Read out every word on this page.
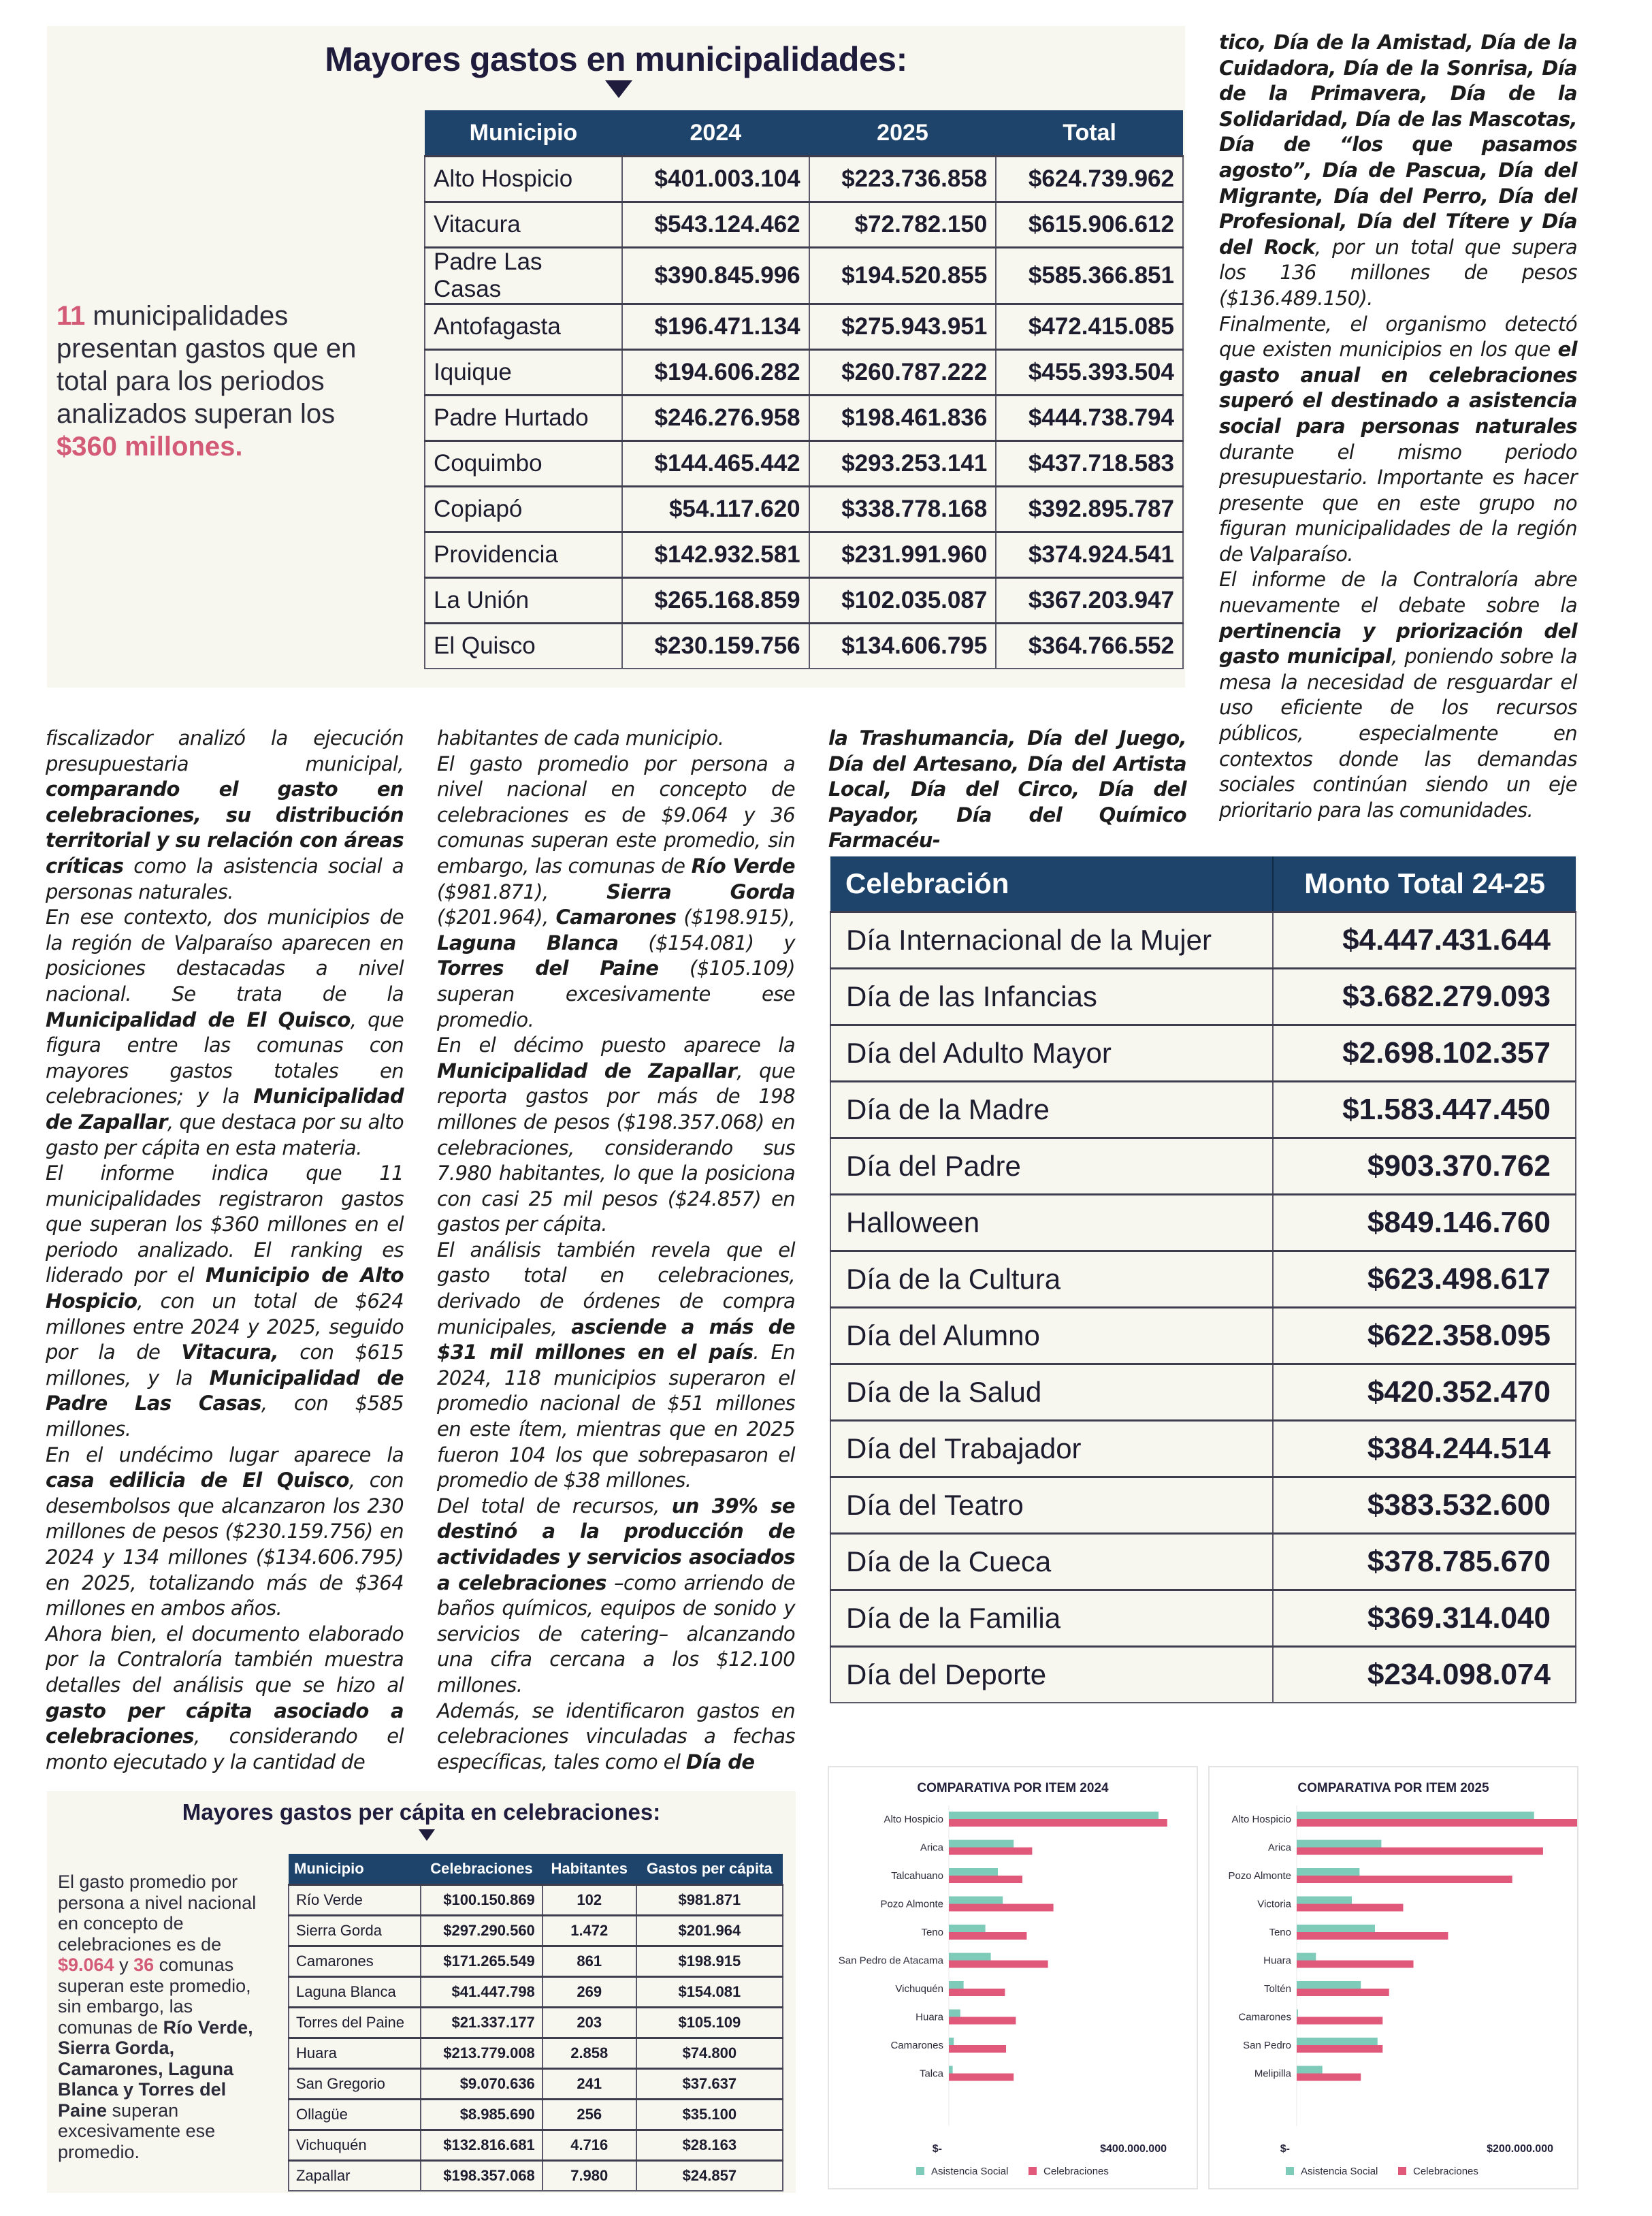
Mayores gastos en municipalidades:
11 municipalidades presentan gastos que en total para los periodos analizados superan los $360 millones.
Municipio	2024	2025	Total
Alto Hospicio	$401.003.104	$223.736.858	$624.739.962
Vitacura	$543.124.462	$72.782.150	$615.906.612
Padre Las Casas	$390.845.996	$194.520.855	$585.366.851
Antofagasta	$196.471.134	$275.943.951	$472.415.085
Iquique	$194.606.282	$260.787.222	$455.393.504
Padre Hurtado	$246.276.958	$198.461.836	$444.738.794
Coquimbo	$144.465.442	$293.253.141	$437.718.583
Copiapó	$54.117.620	$338.778.168	$392.895.787
Providencia	$142.932.581	$231.991.960	$374.924.541
La Unión	$265.168.859	$102.035.087	$367.203.947
El Quisco	$230.159.756	$134.606.795	$364.766.552

tico, Día de la Amistad, Día de la Cuidadora, Día de la Sonrisa, Día de la Primavera, Día de la Solidaridad, Día de las Mascotas, Día de “los que pasamos agosto”, Día de Pascua, Día del Migrante, Día del Perro, Día del Profesional, Día del Títere y Día del Rock, por un total que supera los 136 millones de pesos ($136.489.150).

Finalmente, el organismo detectó que existen municipios en los que el gasto anual en celebraciones superó el destinado a asistencia social para personas naturales durante el mismo periodo presupuestario. Importante es hacer presente que en este grupo no figuran municipalidades de la región de Valparaíso.

El informe de la Contraloría abre nuevamente el debate sobre la pertinencia y priorización del gasto municipal, poniendo sobre la mesa la necesidad de resguardar el uso eficiente de los recursos públicos, especialmente en contextos donde las demandas sociales continúan siendo un eje prioritario para las comunidades.

fiscalizador analizó la ejecución presupuestaria municipal, comparando el gasto en celebraciones, su distribución territorial y su relación con áreas críticas como la asistencia social a personas naturales.

En ese contexto, dos municipios de la región de Valparaíso aparecen en posiciones destacadas a nivel nacional. Se trata de la Municipalidad de El Quisco, que figura entre las comunas con mayores gastos totales en celebraciones; y la Municipalidad de Zapallar, que destaca por su alto gasto per cápita en esta materia.

El informe indica que 11 municipalidades registraron gastos que superan los $360 millones en el periodo analizado. El ranking es liderado por el Municipio de Alto Hospicio, con un total de $624 millones entre 2024 y 2025, seguido por la de Vitacura, con $615 millones, y la Municipalidad de Padre Las Casas, con $585 millones.

En el undécimo lugar aparece la casa edilicia de El Quisco, con desembolsos que alcanzaron los 230 millones de pesos ($230.159.756) en 2024 y 134 millones ($134.606.795) en 2025, totalizando más de $364 millones en ambos años.

Ahora bien, el documento elaborado por la Contraloría también muestra detalles del análisis que se hizo al gasto per cápita asociado a celebraciones, considerando el monto ejecutado y la cantidad de

habitantes de cada municipio.

El gasto promedio por persona a nivel nacional en concepto de celebraciones es de $9.064 y 36 comunas superan este promedio, sin embargo, las comunas de Río Verde ($981.871), Sierra Gorda ($201.964), Camarones ($198.915), Laguna Blanca ($154.081) y Torres del Paine ($105.109) superan excesivamente ese promedio.

En el décimo puesto aparece la Municipalidad de Zapallar, que reporta gastos por más de 198 millones de pesos ($198.357.068) en celebraciones, considerando sus 7.980 habitantes, lo que la posiciona con casi 25 mil pesos ($24.857) en gastos per cápita.

El análisis también revela que el gasto total en celebraciones, derivado de órdenes de compra municipales, asciende a más de $31 mil millones en el país. En 2024, 118 municipios superaron el promedio nacional de $51 millones en este ítem, mientras que en 2025 fueron 104 los que sobrepasaron el promedio de $38 millones.

Del total de recursos, un 39% se destinó a la producción de actividades y servicios asociados a celebraciones –como arriendo de baños químicos, equipos de sonido y servicios de catering– alcanzando una cifra cercana a los $12.100 millones.

Además, se identificaron gastos en celebraciones vinculadas a fechas específicas, tales como el Día de

la Trashumancia, Día del Juego, Día del Artesano, Día del Artista Local, Día del Circo, Día del Payador, Día del Químico Farmacéu-

Celebración	Monto Total 24-25
Día Internacional de la Mujer	$4.447.431.644
Día de las Infancias	$3.682.279.093
Día del Adulto Mayor	$2.698.102.357
Día de la Madre	$1.583.447.450
Día del Padre	$903.370.762
Halloween	$849.146.760
Día de la Cultura	$623.498.617
Día del Alumno	$622.358.095
Día de la Salud	$420.352.470
Día del Trabajador	$384.244.514
Día del Teatro	$383.532.600
Día de la Cueca	$378.785.670
Día de la Familia	$369.314.040
Día del Deporte	$234.098.074
Mayores gastos per cápita en celebraciones:
El gasto promedio por persona a nivel nacional en concepto de celebraciones es de $9.064 y 36 comunas superan este promedio, sin embargo, las comunas de Río Verde, Sierra Gorda, Camarones, Laguna Blanca y Torres del Paine superan excesivamente ese promedio.
Municipio	Celebraciones	Habitantes	Gastos per cápita
Río Verde	$100.150.869	102	$981.871
Sierra Gorda	$297.290.560	1.472	$201.964
Camarones	$171.265.549	861	$198.915
Laguna Blanca	$41.447.798	269	$154.081
Torres del Paine	$21.337.177	203	$105.109
Huara	$213.779.008	2.858	$74.800
San Gregorio	$9.070.636	241	$37.637
Ollagüe	$8.985.690	256	$35.100
Vichuquén	$132.816.681	4.716	$28.163
Zapallar	$198.357.068	7.980	$24.857
COMPARATIVA POR ITEM 2024
Alto Hospicio
Arica
Talcahuano
Pozo Almonte
Teno
San Pedro de Atacama
Vichuquén
Huara
Camarones
Talca
$-	$400.000.000
Asistencia Social	Celebraciones
COMPARATIVA POR ITEM 2025
Alto Hospicio
Arica
Pozo Almonte
Victoria
Teno
Huara
Toltén
Camarones
San Pedro
Melipilla
$-	$200.000.000
Asistencia Social	Celebraciones
